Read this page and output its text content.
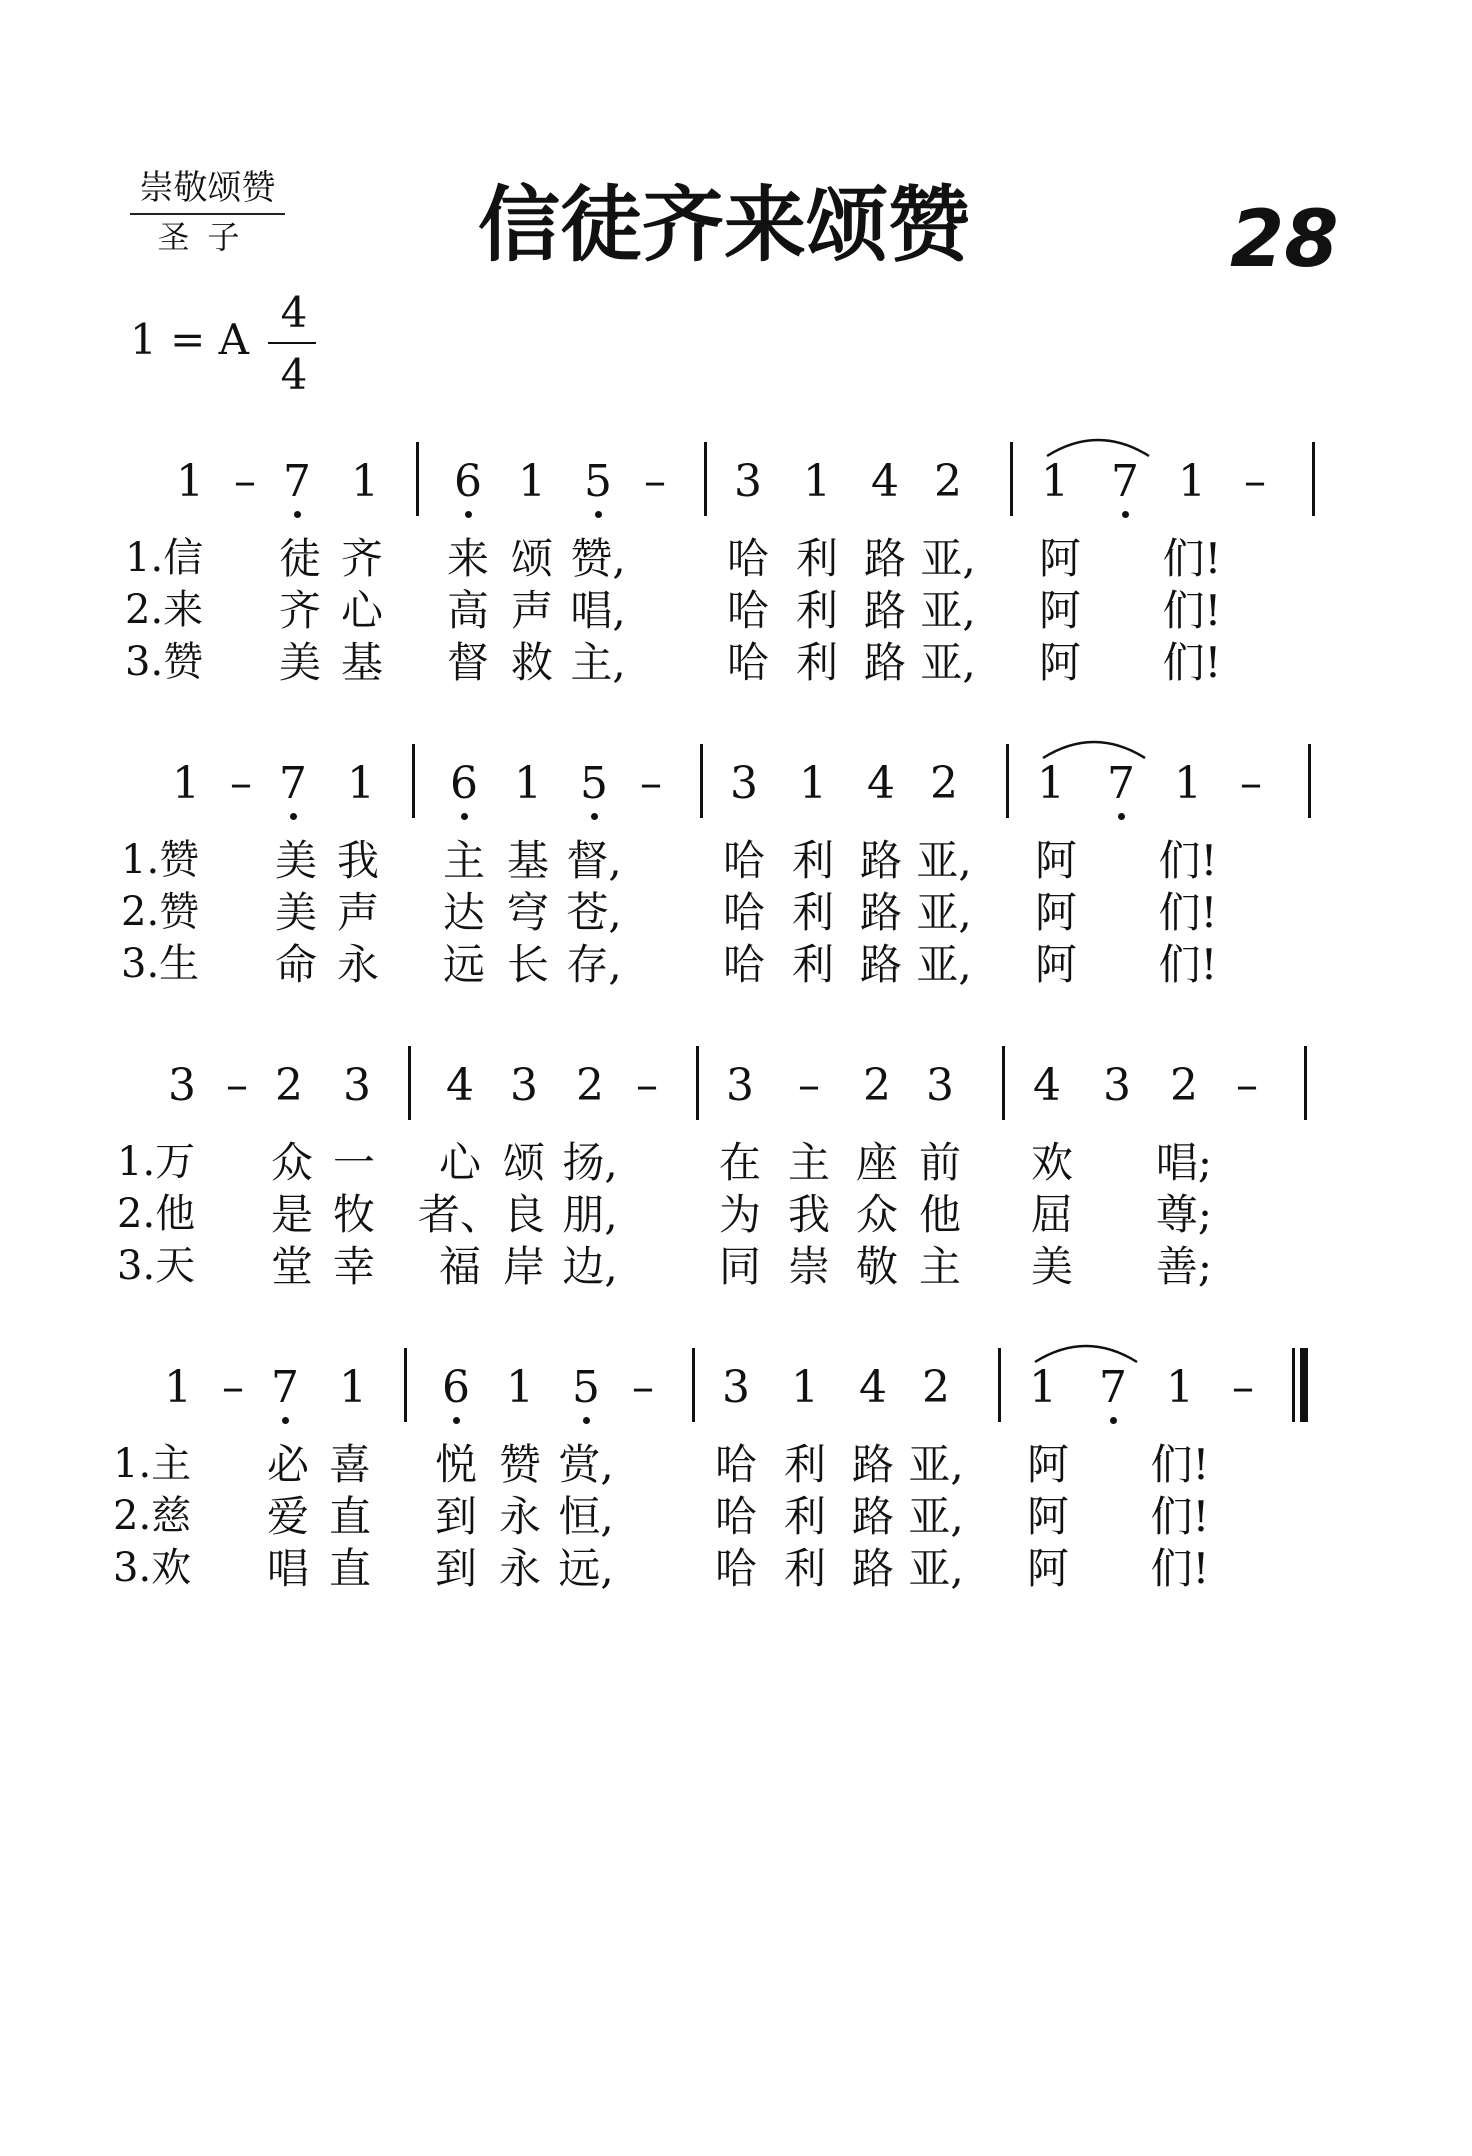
崇敬颂赞
圣子	信徒齐来颂赞	28
1 = A
4
4
1 – 7 1 6 1 5 – 3 1 4 2 1 7 1 –
1.信 徒 齐 来 颂 赞, 哈 利 路 亚, 阿 们!
2.来 齐 心 高 声 唱, 哈 利 路 亚, 阿 们!
3.赞 美 基 督 救 主, 哈 利 路 亚, 阿 们!
1 – 7 1 6 1 5 – 3 1 4 2 1 7 1 –
1.赞 美 我 主 基 督, 哈 利 路 亚, 阿 们!
2.赞 美 声 达 穹 苍, 哈 利 路 亚, 阿 们!
3.生 命 永 远 长 存, 哈 利 路 亚, 阿 们!
3 – 2 3 4 3 2 – 3 – 2 3 4 3 2 –
1.万 众 一 心 颂 扬, 在 主 座 前 欢 唱;
2.他 是 牧 者、 良 朋, 为 我 众 他 屈 尊;
3.天 堂 幸 福 岸 边, 同 崇 敬 主 美 善;
1 – 7 1 6 1 5 – 3 1 4 2 1 7 1 –
1.主 必 喜 悦 赞 赏, 哈 利 路 亚, 阿 们!
2.慈 爱 直 到 永 恒, 哈 利 路 亚, 阿 们!
3.欢 唱 直 到 永 远, 哈 利 路 亚, 阿 们!
